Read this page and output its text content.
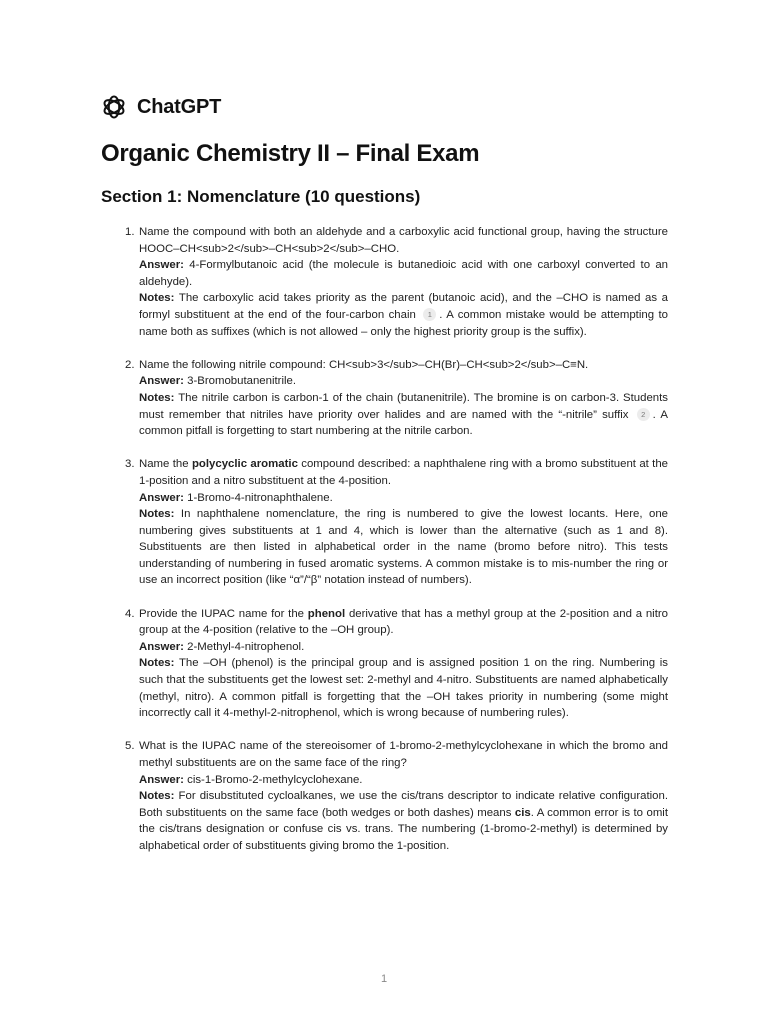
ChatGPT
Organic Chemistry II – Final Exam
Section 1: Nomenclature (10 questions)
1. Name the compound with both an aldehyde and a carboxylic acid functional group, having the structure HOOC–CH<sub>2</sub>–CH<sub>2</sub>–CHO.

Answer: 4-Formylbutanoic acid (the molecule is butanedioic acid with one carboxyl converted to an aldehyde).

Notes: The carboxylic acid takes priority as the parent (butanoic acid), and the –CHO is named as a formyl substituent at the end of the four-carbon chain 1 . A common mistake would be attempting to name both as suffixes (which is not allowed – only the highest priority group is the suffix).

2. Name the following nitrile compound: CH<sub>3</sub>–CH(Br)–CH<sub>2</sub>–C≡N.

Answer: 3-Bromobutanenitrile.

Notes: The nitrile carbon is carbon-1 of the chain (butanenitrile). The bromine is on carbon-3. Students must remember that nitriles have priority over halides and are named with the “-nitrile” suffix 2 . A common pitfall is forgetting to start numbering at the nitrile carbon.

3. Name the polycyclic aromatic compound described: a naphthalene ring with a bromo substituent at the 1-position and a nitro substituent at the 4-position.

Answer: 1-Bromo-4-nitronaphthalene.

Notes: In naphthalene nomenclature, the ring is numbered to give the lowest locants. Here, one numbering gives substituents at 1 and 4, which is lower than the alternative (such as 1 and 8). Substituents are then listed in alphabetical order in the name (bromo before nitro). This tests understanding of numbering in fused aromatic systems. A common mistake is to mis-number the ring or use an incorrect position (like “α”/“β” notation instead of numbers).

4. Provide the IUPAC name for the phenol derivative that has a methyl group at the 2-position and a nitro group at the 4-position (relative to the –OH group).

Answer: 2-Methyl-4-nitrophenol.

Notes: The –OH (phenol) is the principal group and is assigned position 1 on the ring. Numbering is such that the substituents get the lowest set: 2-methyl and 4-nitro. Substituents are named alphabetically (methyl, nitro). A common pitfall is forgetting that the –OH takes priority in numbering (some might incorrectly call it 4-methyl-2-nitrophenol, which is wrong because of numbering rules).

5. What is the IUPAC name of the stereoisomer of 1-bromo-2-methylcyclohexane in which the bromo and methyl substituents are on the same face of the ring?

Answer: cis-1-Bromo-2-methylcyclohexane.

Notes: For disubstituted cycloalkanes, we use the cis/trans descriptor to indicate relative configuration. Both substituents on the same face (both wedges or both dashes) means cis. A common error is to omit the cis/trans designation or confuse cis vs. trans. The numbering (1-bromo-2-methyl) is determined by alphabetical order of substituents giving bromo the 1-position.

1
